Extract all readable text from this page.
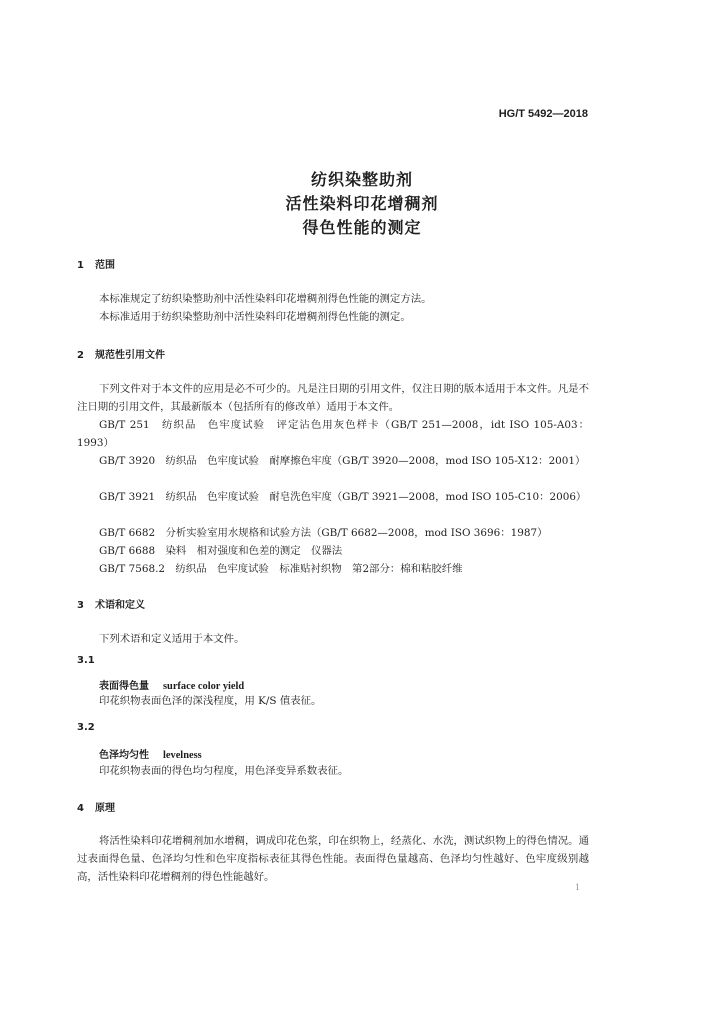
HG/T 5492—2018
纺织染整助剂
活性染料印花增稠剂
得色性能的测定
1 范围
本标准规定了纺织染整助剂中活性染料印花增稠剂得色性能的测定方法。
本标准适用于纺织染整助剂中活性染料印花增稠剂得色性能的测定。
2 规范性引用文件
下列文件对于本文件的应用是必不可少的。凡是注日期的引用文件，仅注日期的版本适用于本文件。凡是不注日期的引用文件，其最新版本（包括所有的修改单）适用于本文件。
GB/T 251　纺织品　色牢度试验　评定沾色用灰色样卡（GB/T 251—2008，idt ISO 105-A03：1993）
GB/T 3920　纺织品　色牢度试验　耐摩擦色牢度（GB/T 3920—2008，mod ISO 105-X12：2001）
GB/T 3921　纺织品　色牢度试验　耐皂洗色牢度（GB/T 3921—2008，mod ISO 105-C10：2006）
GB/T 6682　分析实验室用水规格和试验方法（GB/T 6682—2008，mod ISO 3696：1987）
GB/T 6688　染料　相对强度和色差的测定　仪器法
GB/T 7568.2　纺织品　色牢度试验　标准贴衬织物　第2部分：棉和粘胶纤维
3 术语和定义
下列术语和定义适用于本文件。
3.1
表面得色量 surface color yield
印花织物表面色泽的深浅程度，用 K/S 值表征。
3.2
色泽均匀性 levelness
印花织物表面的得色均匀程度，用色泽变异系数表征。
4 原理
将活性染料印花增稠剂加水增稠，调成印花色浆，印在织物上，经蒸化、水洗，测试织物上的得色情况。通过表面得色量、色泽均匀性和色牢度指标表征其得色性能。表面得色量越高、色泽均匀性越好、色牢度级别越高，活性染料印花增稠剂的得色性能越好。
1
